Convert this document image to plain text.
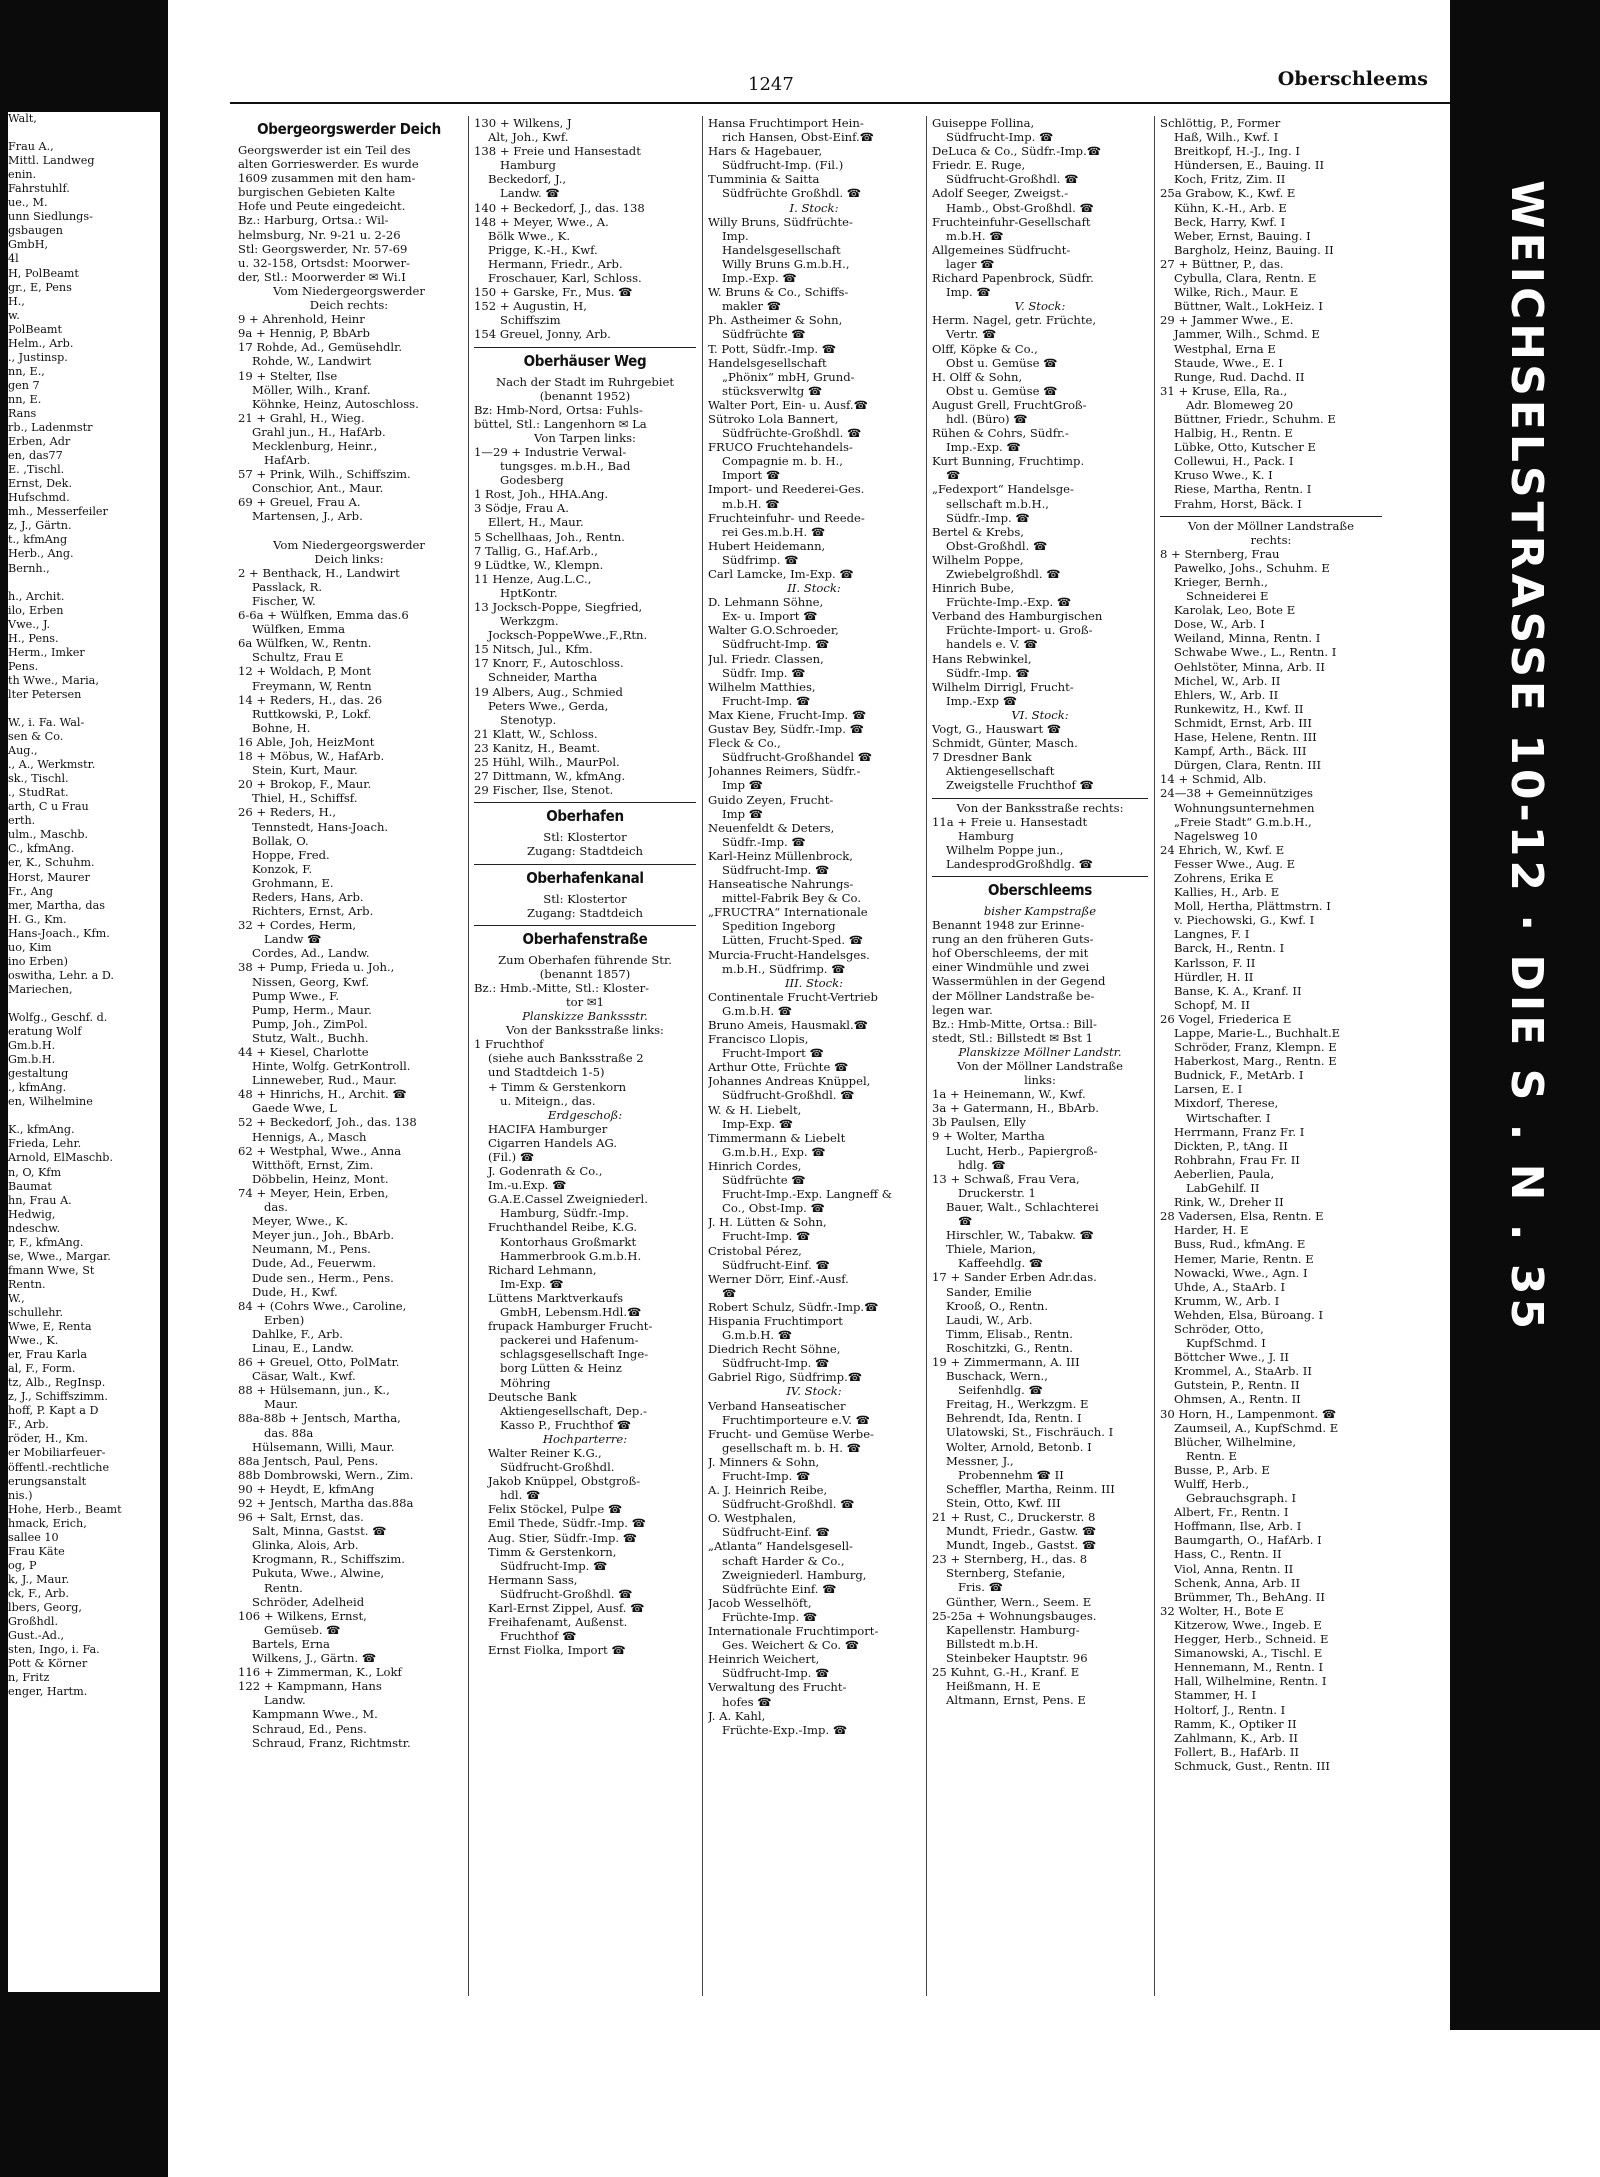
Walt,

Frau A.,
Mittl. Landweg
enin.
Fahrstuhlf.
ue., M.
unn Siedlungs-
gsbaugen
GmbH,
4l
H, PolBeamt
gr., E, Pens
H.,
w.
PolBeamt
Helm., Arb.
., Justinsp.
nn, E.,
gen 7
nn, E.
Rans
rb., Ladenmstr
Erben, Adr
en, das77
E. ,Tischl.
Ernst, Dek.
Hufschmd.
mh., Messerfeiler
z, J., Gärtn.
t., kfmAng
Herb., Ang.
Bernh.,

h., Archit.
ilo, Erben
Vwe., J.
H., Pens.
Herm., Imker
Pens.
th Wwe., Maria,
lter Petersen

W., i. Fa. Wal-
sen & Co.
Aug.,
., A., Werkmstr.
sk., Tischl.
., StudRat.
arth, C u Frau
erth.
ulm., Maschb.
C., kfmAng.
er, K., Schuhm.
Horst, Maurer
Fr., Ang
mer, Martha, das
H. G., Km.
Hans-Joach., Kfm.
uo, Kim
ino Erben)
oswitha, Lehr. a D.
Mariechen,

Wolfg., Geschf. d.
eratung Wolf
Gm.b.H.
Gm.b.H.
gestaltung
., kfmAng.
en, Wilhelmine

K., kfmAng.
Frieda, Lehr.
Arnold, ElMaschb.
n, O, Kfm
Baumat
hn, Frau A.
Hedwig,
ndeschw.
r, F., kfmAng.
se, Wwe., Margar.
fmann Wwe, St
Rentn.
W.,
schullehr.
Wwe, E, Renta
Wwe., K.
er, Frau Karla
al, F., Form.
tz, Alb., RegInsp.
z, J., Schiffszimm.
hoff, P. Kapt a D
F., Arb.
röder, H., Km.
er Mobiliarfeuer-
öffentl.-rechtliche
erungsanstalt
nis.)
Hohe, Herb., Beamt
hmack, Erich,
sallee 10
Frau Käte
og, P
k, J., Maur.
ck, F., Arb.
lbers, Georg,
Großhdl.
Gust.-Ad.,
sten, Ingo, i. Fa.
Pott & Körner
n, Fritz
enger, Hartm.
WEICHSELSTRASSE 10-12 · DIE S . N . 35
1247	Oberschleems
Obergeorgswerder Deich
Georgswerder ist ein Teil des
alten Gorrieswerder. Es wurde
1609 zusammen mit den ham-
burgischen Gebieten Kalte
Hofe und Peute eingedeicht.
Bz.: Harburg, Ortsa.: Wil-
helmsburg, Nr. 9-21 u. 2-26
Stl: Georgswerder, Nr. 57-69
u. 32-158, Ortsdst: Moorwer-
der, Stl.: Moorwerder ✉ Wi.I
Vom Niedergeorgswerder
Deich rechts:
9 + Ahrenhold, Heinr
9a + Hennig, P, BbArb
17 Rohde, Ad., Gemüsehdlr.
Rohde, W., Landwirt
19 + Stelter, Ilse
Möller, Wilh., Kranf.
Köhnke, Heinz, Autoschloss.
21 + Grahl, H., Wieg.
Grahl jun., H., HafArb.
Mecklenburg, Heinr.,
HafArb.
57 + Prink, Wilh., Schiffszim.
Conschior, Ant., Maur.
69 + Greuel, Frau A.
Martensen, J., Arb.

Vom Niedergeorgswerder
Deich links:
2 + Benthack, H., Landwirt
Passlack, R.
Fischer, W.
6-6a + Wülfken, Emma das.6
Wülfken, Emma
6a Wülfken, W., Rentn.
Schultz, Frau E
12 + Woldach, P, Mont
Freymann, W, Rentn
14 + Reders, H., das. 26
Ruttkowski, P., Lokf.
Bohne, H.
16 Able, Joh, HeizMont
18 + Möbus, W., HafArb.
Stein, Kurt, Maur.
20 + Brokop, F., Maur.
Thiel, H., Schiffsf.
26 + Reders, H.,
Tennstedt, Hans-Joach.
Bollak, O.
Hoppe, Fred.
Konzok, F.
Grohmann, E.
Reders, Hans, Arb.
Richters, Ernst, Arb.
32 + Cordes, Herm,
Landw ☎
Cordes, Ad., Landw.
38 + Pump, Frieda u. Joh.,
Nissen, Georg, Kwf.
Pump Wwe., F.
Pump, Herm., Maur.
Pump, Joh., ZimPol.
Stutz, Walt., Buchh.
44 + Kiesel, Charlotte
Hinte, Wolfg. GetrKontroll.
Linneweber, Rud., Maur.
48 + Hinrichs, H., Archit. ☎
Gaede Wwe, L
52 + Beckedorf, Joh., das. 138
Hennigs, A., Masch
62 + Westphal, Wwe., Anna
Witthöft, Ernst, Zim.
Döbbelin, Heinz, Mont.
74 + Meyer, Hein, Erben,
das.
Meyer, Wwe., K.
Meyer jun., Joh., BbArb.
Neumann, M., Pens.
Dude, Ad., Feuerwm.
Dude sen., Herm., Pens.
Dude, H., Kwf.
84 + (Cohrs Wwe., Caroline,
Erben)
Dahlke, F., Arb.
Linau, E., Landw.
86 + Greuel, Otto, PolMatr.
Cäsar, Walt., Kwf.
88 + Hülsemann, jun., K.,
Maur.
88a-88b + Jentsch, Martha,
das. 88a
Hülsemann, Willi, Maur.
88a Jentsch, Paul, Pens.
88b Dombrowski, Wern., Zim.
90 + Heydt, E, kfmAng
92 + Jentsch, Martha das.88a
96 + Salt, Ernst, das.
Salt, Minna, Gastst. ☎
Glinka, Alois, Arb.
Krogmann, R., Schiffszim.
Pukuta, Wwe., Alwine,
Rentn.
Schröder, Adelheid
106 + Wilkens, Ernst,
Gemüseb. ☎
Bartels, Erna
Wilkens, J., Gärtn. ☎
116 + Zimmerman, K., Lokf
122 + Kampmann, Hans
Landw.
Kampmann Wwe., M.
Schraud, Ed., Pens.
Schraud, Franz, Richtmstr.
130 + Wilkens, J
Alt, Joh., Kwf.
138 + Freie und Hansestadt
Hamburg
Beckedorf, J.,
Landw. ☎
140 + Beckedorf, J., das. 138
148 + Meyer, Wwe., A.
Bölk Wwe., K.
Prigge, K.-H., Kwf.
Hermann, Friedr., Arb.
Froschauer, Karl, Schloss.
150 + Garske, Fr., Mus. ☎
152 + Augustin, H,
Schiffszim
154 Greuel, Jonny, Arb.
Oberhäuser Weg
Nach der Stadt im Ruhrgebiet
(benannt 1952)
Bz: Hmb-Nord, Ortsa: Fuhls-
büttel, Stl.: Langenhorn ✉ La
Von Tarpen links:
1—29 + Industrie Verwal-
tungsges. m.b.H., Bad
Godesberg
1 Rost, Joh., HHA.Ang.
3 Södje, Frau A.
Ellert, H., Maur.
5 Schellhaas, Joh., Rentn.
7 Tallig, G., Haf.Arb.,
9 Lüdtke, W., Klempn.
11 Henze, Aug.L.C.,
HptKontr.
13 Jocksch-Poppe, Siegfried,
Werkzgm.
Jocksch-PoppeWwe.,F.,Rtn.
15 Nitsch, Jul., Kfm.
17 Knorr, F., Autoschloss.
Schneider, Martha
19 Albers, Aug., Schmied
Peters Wwe., Gerda,
Stenotyp.
21 Klatt, W., Schloss.
23 Kanitz, H., Beamt.
25 Hühl, Wilh., MaurPol.
27 Dittmann, W., kfmAng.
29 Fischer, Ilse, Stenot.
Oberhafen
Stl: Klostertor
Zugang: Stadtdeich
Oberhafenkanal
Stl: Klostertor
Zugang: Stadtdeich
Oberhafenstraße
Zum Oberhafen führende Str.
(benannt 1857)
Bz.: Hmb.-Mitte, Stl.: Kloster-
tor ✉1
Planskizze Bankssstr.
Von der Banksstraße links:
1 Fruchthof
(siehe auch Banksstraße 2
und Stadtdeich 1-5)
+ Timm & Gerstenkorn
u. Miteign., das.
Erdgeschoß:
HACIFA Hamburger
Cigarren Handels AG.
(Fil.) ☎
J. Godenrath & Co.,
Im.-u.Exp. ☎
G.A.E.Cassel Zweigniederl.
Hamburg, Südfr.-Imp.
Fruchthandel Reibe, K.G.
Kontorhaus Großmarkt
Hammerbrook G.m.b.H.
Richard Lehmann,
Im-Exp. ☎
Lüttens Marktverkaufs
GmbH, Lebensm.Hdl.☎
frupack Hamburger Frucht-
packerei und Hafenum-
schlagsgesellschaft Inge-
borg Lütten & Heinz
Möhring
Deutsche Bank
Aktiengesellschaft, Dep.-
Kasso P., Fruchthof ☎
Hochparterre:
Walter Reiner K.G.,
Südfrucht-Großhdl.
Jakob Knüppel, Obstgroß-
hdl. ☎
Felix Stöckel, Pulpe ☎
Emil Thede, Südfr.-Imp. ☎
Aug. Stier, Südfr.-Imp. ☎
Timm & Gerstenkorn,
Südfrucht-Imp. ☎
Hermann Sass,
Südfrucht-Großhdl. ☎
Karl-Ernst Zippel, Ausf. ☎
Freihafenamt, Außenst.
Fruchthof ☎
Ernst Fiolka, Import ☎
Hansa Fruchtimport Hein-
rich Hansen, Obst-Einf.☎
Hars & Hagebauer,
Südfrucht-Imp. (Fil.)
Tumminia & Saitta
Südfrüchte Großhdl. ☎
I. Stock:
Willy Bruns, Südfrüchte-
Imp.
Handelsgesellschaft
Willy Bruns G.m.b.H.,
Imp.-Exp. ☎
W. Bruns & Co., Schiffs-
makler ☎
Ph. Astheimer & Sohn,
Südfrüchte ☎
T. Pott, Südfr.-Imp. ☎
Handelsgesellschaft
„Phönix“ mbH, Grund-
stücksverwltg ☎
Walter Port, Ein- u. Ausf.☎
Sütroko Lola Bannert,
Südfrüchte-Großhdl. ☎
FRUCO Fruchtehandels-
Compagnie m. b. H.,
Import ☎
Import- und Reederei-Ges.
m.b.H. ☎
Fruchteinfuhr- und Reede-
rei Ges.m.b.H. ☎
Hubert Heidemann,
Südfrimp. ☎
Carl Lamcke, Im-Exp. ☎
II. Stock:
D. Lehmann Söhne,
Ex- u. Import ☎
Walter G.O.Schroeder,
Südfrucht-Imp. ☎
Jul. Friedr. Classen,
Südfr. Imp. ☎
Wilhelm Matthies,
Frucht-Imp. ☎
Max Kiene, Frucht-Imp. ☎
Gustav Bey, Südfr.-Imp. ☎
Fleck & Co.,
Südfrucht-Großhandel ☎
Johannes Reimers, Südfr.-
Imp ☎
Guido Zeyen, Frucht-
Imp ☎
Neuenfeldt & Deters,
Südfr.-Imp. ☎
Karl-Heinz Müllenbrock,
Südfrucht-Imp. ☎
Hanseatische Nahrungs-
mittel-Fabrik Bey & Co.
„FRUCTRA“ Internationale
Spedition Ingeborg
Lütten, Frucht-Sped. ☎
Murcia-Frucht-Handelsges.
m.b.H., Südfrimp. ☎
III. Stock:
Continentale Frucht-Vertrieb
G.m.b.H. ☎
Bruno Ameis, Hausmakl.☎
Francisco Llopis,
Frucht-Import ☎
Arthur Otte, Früchte ☎
Johannes Andreas Knüppel,
Südfrucht-Großhdl. ☎
W. & H. Liebelt,
Imp-Exp. ☎
Timmermann & Liebelt
G.m.b.H., Exp. ☎
Hinrich Cordes,
Südfrüchte ☎
Frucht-Imp.-Exp. Langneff &
Co., Obst-Imp. ☎
J. H. Lütten & Sohn,
Frucht-Imp. ☎
Cristobal Pérez,
Südfrucht-Einf. ☎
Werner Dörr, Einf.-Ausf.
☎
Robert Schulz, Südfr.-Imp.☎
Hispania Fruchtimport
G.m.b.H. ☎
Diedrich Recht Söhne,
Südfrucht-Imp. ☎
Gabriel Rigo, Südfrimp.☎
IV. Stock:
Verband Hanseatischer
Fruchtimporteure e.V. ☎
Frucht- und Gemüse Werbe-
gesellschaft m. b. H. ☎
J. Minners & Sohn,
Frucht-Imp. ☎
A. J. Heinrich Reibe,
Südfrucht-Großhdl. ☎
O. Westphalen,
Südfrucht-Einf. ☎
„Atlanta“ Handelsgesell-
schaft Harder & Co.,
Zweigniederl. Hamburg,
Südfrüchte Einf. ☎
Jacob Wesselhöft,
Früchte-Imp. ☎
Internationale Fruchtimport-
Ges. Weichert & Co. ☎
Heinrich Weichert,
Südfrucht-Imp. ☎
Verwaltung des Frucht-
hofes ☎
J. A. Kahl,
Früchte-Exp.-Imp. ☎
Guiseppe Follina,
Südfrucht-Imp. ☎
DeLuca & Co., Südfr.-Imp.☎
Friedr. E. Ruge,
Südfrucht-Großhdl. ☎
Adolf Seeger, Zweigst.-
Hamb., Obst-Großhdl. ☎
Fruchteinfuhr-Gesellschaft
m.b.H. ☎
Allgemeines Südfrucht-
lager ☎
Richard Papenbrock, Südfr.
Imp. ☎
V. Stock:
Herm. Nagel, getr. Früchte,
Vertr. ☎
Olff, Köpke & Co.,
Obst u. Gemüse ☎
H. Olff & Sohn,
Obst u. Gemüse ☎
August Grell, FruchtGroß-
hdl. (Büro) ☎
Rühen & Cohrs, Südfr.-
Imp.-Exp. ☎
Kurt Bunning, Fruchtimp.
☎
„Fedexport“ Handelsge-
sellschaft m.b.H.,
Südfr.-Imp. ☎
Bertel & Krebs,
Obst-Großhdl. ☎
Wilhelm Poppe,
Zwiebelgroßhdl. ☎
Hinrich Bube,
Früchte-Imp.-Exp. ☎
Verband des Hamburgischen
Früchte-Import- u. Groß-
handels e. V. ☎
Hans Rebwinkel,
Südfr.-Imp. ☎
Wilhelm Dirrigl, Frucht-
Imp.-Exp ☎
VI. Stock:
Vogt, G., Hauswart ☎
Schmidt, Günter, Masch.
7 Dresdner Bank
Aktiengesellschaft
Zweigstelle Fruchthof ☎
Von der Banksstraße rechts:
11a + Freie u. Hansestadt
Hamburg
Wilhelm Poppe jun.,
LandesprodGroßhdlg. ☎
Oberschleems
bisher Kampstraße
Benannt 1948 zur Erinne-
rung an den früheren Guts-
hof Oberschleems, der mit
einer Windmühle und zwei
Wassermühlen in der Gegend
der Möllner Landstraße be-
legen war.
Bz.: Hmb-Mitte, Ortsa.: Bill-
stedt, Stl.: Billstedt ✉ Bst 1
Planskizze Möllner Landstr.
Von der Möllner Landstraße
links:
1a + Heinemann, W., Kwf.
3a + Gatermann, H., BbArb.
3b Paulsen, Elly
9 + Wolter, Martha
Lucht, Herb., Papiergroß-
hdlg. ☎
13 + Schwaß, Frau Vera,
Druckerstr. 1
Bauer, Walt., Schlachterei
☎
Hirschler, W., Tabakw. ☎
Thiele, Marion,
Kaffeehdlg. ☎
17 + Sander Erben Adr.das.
Sander, Emilie
Krooß, O., Rentn.
Laudi, W., Arb.
Timm, Elisab., Rentn.
Roschitzki, G., Rentn.
19 + Zimmermann, A. III
Buschack, Wern.,
Seifenhdlg. ☎
Freitag, H., Werkzgm. E
Behrendt, Ida, Rentn. I
Ulatowski, St., Fischräuch. I
Wolter, Arnold, Betonb. I
Messner, J.,
Probennehm ☎ II
Scheffler, Martha, Reinm. III
Stein, Otto, Kwf. III
21 + Rust, C., Druckerstr. 8
Mundt, Friedr., Gastw. ☎
Mundt, Ingeb., Gastst. ☎
23 + Sternberg, H., das. 8
Sternberg, Stefanie,
Fris. ☎
Günther, Wern., Seem. E
25-25a + Wohnungsbauges.
Kapellenstr. Hamburg-
Billstedt m.b.H.
Steinbeker Hauptstr. 96
25 Kuhnt, G.-H., Kranf. E
Heißmann, H. E
Altmann, Ernst, Pens. E
Schlöttig, P., Former
Haß, Wilh., Kwf. I
Breitkopf, H.-J., Ing. I
Hündersen, E., Bauing. II
Koch, Fritz, Zim. II
25a Grabow, K., Kwf. E
Kühn, K.-H., Arb. E
Beck, Harry, Kwf. I
Weber, Ernst, Bauing. I
Bargholz, Heinz, Bauing. II
27 + Büttner, P., das.
Cybulla, Clara, Rentn. E
Wilke, Rich., Maur. E
Büttner, Walt., LokHeiz. I
29 + Jammer Wwe., E.
Jammer, Wilh., Schmd. E
Westphal, Erna E
Staude, Wwe., E. I
Runge, Rud. Dachd. II
31 + Kruse, Ella, Ra.,
Adr. Blomeweg 20
Büttner, Friedr., Schuhm. E
Halbig, H., Rentn. E
Lübke, Otto, Kutscher E
Collewui, H., Pack. I
Kruso Wwe., K. I
Riese, Martha, Rentn. I
Frahm, Horst, Bäck. I
Von der Möllner Landstraße
rechts:
8 + Sternberg, Frau
Pawelko, Johs., Schuhm. E
Krieger, Bernh.,
Schneiderei E
Karolak, Leo, Bote E
Dose, W., Arb. I
Weiland, Minna, Rentn. I
Schwabe Wwe., L., Rentn. I
Oehlstöter, Minna, Arb. II
Michel, W., Arb. II
Ehlers, W., Arb. II
Runkewitz, H., Kwf. II
Schmidt, Ernst, Arb. III
Hase, Helene, Rentn. III
Kampf, Arth., Bäck. III
Dürgen, Clara, Rentn. III
14 + Schmid, Alb.
24—38 + Gemeinnütziges
Wohnungsunternehmen
„Freie Stadt“ G.m.b.H.,
Nagelsweg 10
24 Ehrich, W., Kwf. E
Fesser Wwe., Aug. E
Zohrens, Erika E
Kallies, H., Arb. E
Moll, Hertha, Plättmstrn. I
v. Piechowski, G., Kwf. I
Langnes, F. I
Barck, H., Rentn. I
Karlsson, F. II
Hürdler, H. II
Banse, K. A., Kranf. II
Schopf, M. II
26 Vogel, Friederica E
Lappe, Marie-L., Buchhalt.E
Schröder, Franz, Klempn. E
Haberkost, Marg., Rentn. E
Budnick, F., MetArb. I
Larsen, E. I
Mixdorf, Therese,
Wirtschafter. I
Herrmann, Franz Fr. I
Dickten, P., tAng. II
Rohbrahn, Frau Fr. II
Aeberlien, Paula,
LabGehilf. II
Rink, W., Dreher II
28 Vadersen, Elsa, Rentn. E
Harder, H. E
Buss, Rud., kfmAng. E
Hemer, Marie, Rentn. E
Nowacki, Wwe., Agn. I
Uhde, A., StaArb. I
Krumm, W., Arb. I
Wehden, Elsa, Büroang. I
Schröder, Otto,
KupfSchmd. I
Böttcher Wwe., J. II
Krommel, A., StaArb. II
Gutstein, P., Rentn. II
Ohmsen, A., Rentn. II
30 Horn, H., Lampenmont. ☎
Zaumseil, A., KupfSchmd. E
Blücher, Wilhelmine,
Rentn. E
Busse, P., Arb. E
Wulff, Herb.,
Gebrauchsgraph. I
Albert, Fr., Rentn. I
Hoffmann, Ilse, Arb. I
Baumgarth, O., HafArb. I
Hass, C., Rentn. II
Viol, Anna, Rentn. II
Schenk, Anna, Arb. II
Brümmer, Th., BehAng. II
32 Wolter, H., Bote E
Kitzerow, Wwe., Ingeb. E
Hegger, Herb., Schneid. E
Simanowski, A., Tischl. E
Hennemann, M., Rentn. I
Hall, Wilhelmine, Rentn. I
Stammer, H. I
Holtorf, J., Rentn. I
Ramm, K., Optiker II
Zahlmann, K., Arb. II
Follert, B., HafArb. II
Schmuck, Gust., Rentn. III
